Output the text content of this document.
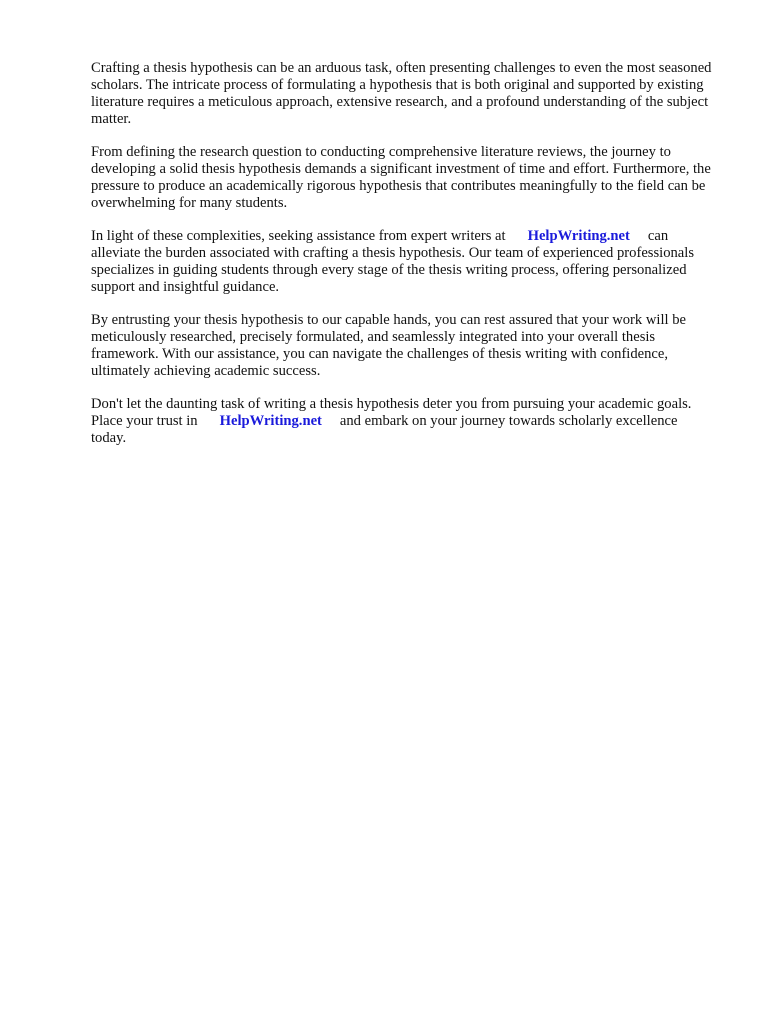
Crafting a thesis hypothesis can be an arduous task, often presenting challenges to even the most seasoned scholars. The intricate process of formulating a hypothesis that is both original and supported by existing literature requires a meticulous approach, extensive research, and a profound understanding of the subject matter.

From defining the research question to conducting comprehensive literature reviews, the journey to developing a solid thesis hypothesis demands a significant investment of time and effort. Furthermore, the pressure to produce an academically rigorous hypothesis that contributes meaningfully to the field can be overwhelming for many students.

In light of these complexities, seeking assistance from expert writers at HelpWriting.net can alleviate the burden associated with crafting a thesis hypothesis. Our team of experienced professionals specializes in guiding students through every stage of the thesis writing process, offering personalized support and insightful guidance.

By entrusting your thesis hypothesis to our capable hands, you can rest assured that your work will be meticulously researched, precisely formulated, and seamlessly integrated into your overall thesis framework. With our assistance, you can navigate the challenges of thesis writing with confidence, ultimately achieving academic success.

Don't let the daunting task of writing a thesis hypothesis deter you from pursuing your academic goals. Place your trust in HelpWriting.net and embark on your journey towards scholarly excellence today.
